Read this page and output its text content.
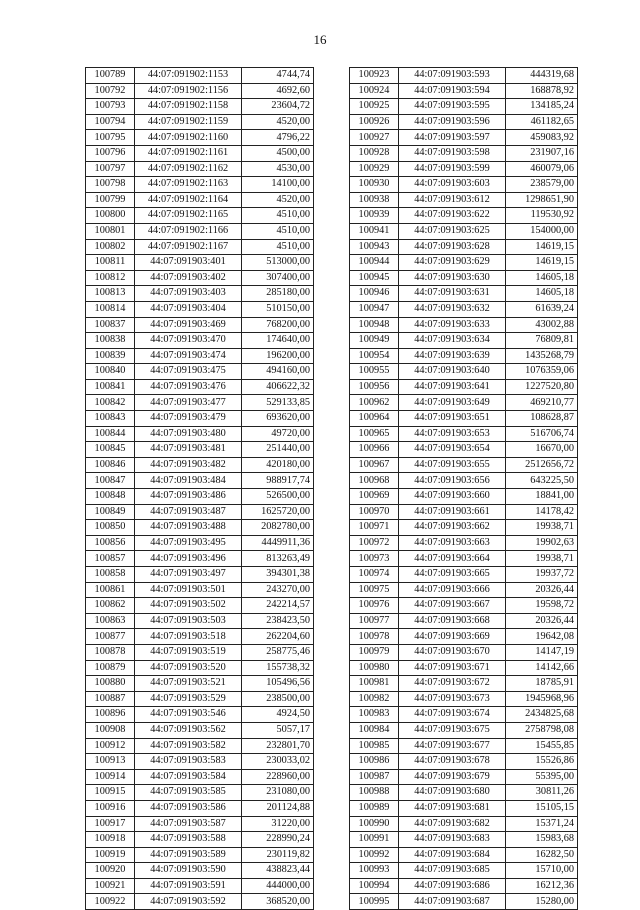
16
100789	44:07:091902:1153	4744,74
100792	44:07:091902:1156	4692,60
100793	44:07:091902:1158	23604,72
100794	44:07:091902:1159	4520,00
100795	44:07:091902:1160	4796,22
100796	44:07:091902:1161	4500,00
100797	44:07:091902:1162	4530,00
100798	44:07:091902:1163	14100,00
100799	44:07:091902:1164	4520,00
100800	44:07:091902:1165	4510,00
100801	44:07:091902:1166	4510,00
100802	44:07:091902:1167	4510,00
100811	44:07:091903:401	513000,00
100812	44:07:091903:402	307400,00
100813	44:07:091903:403	285180,00
100814	44:07:091903:404	510150,00
100837	44:07:091903:469	768200,00
100838	44:07:091903:470	174640,00
100839	44:07:091903:474	196200,00
100840	44:07:091903:475	494160,00
100841	44:07:091903:476	406622,32
100842	44:07:091903:477	529133,85
100843	44:07:091903:479	693620,00
100844	44:07:091903:480	49720,00
100845	44:07:091903:481	251440,00
100846	44:07:091903:482	420180,00
100847	44:07:091903:484	988917,74
100848	44:07:091903:486	526500,00
100849	44:07:091903:487	1625720,00
100850	44:07:091903:488	2082780,00
100856	44:07:091903:495	4449911,36
100857	44:07:091903:496	813263,49
100858	44:07:091903:497	394301,38
100861	44:07:091903:501	243270,00
100862	44:07:091903:502	242214,57
100863	44:07:091903:503	238423,50
100877	44:07:091903:518	262204,60
100878	44:07:091903:519	258775,46
100879	44:07:091903:520	155738,32
100880	44:07:091903:521	105496,56
100887	44:07:091903:529	238500,00
100896	44:07:091903:546	4924,50
100908	44:07:091903:562	5057,17
100912	44:07:091903:582	232801,70
100913	44:07:091903:583	230033,02
100914	44:07:091903:584	228960,00
100915	44:07:091903:585	231080,00
100916	44:07:091903:586	201124,88
100917	44:07:091903:587	31220,00
100918	44:07:091903:588	228990,24
100919	44:07:091903:589	230119,82
100920	44:07:091903:590	438823,44
100921	44:07:091903:591	444000,00
100922	44:07:091903:592	368520,00
100923	44:07:091903:593	444319,68
100924	44:07:091903:594	168878,92
100925	44:07:091903:595	134185,24
100926	44:07:091903:596	461182,65
100927	44:07:091903:597	459083,92
100928	44:07:091903:598	231907,16
100929	44:07:091903:599	460079,06
100930	44:07:091903:603	238579,00
100938	44:07:091903:612	1298651,90
100939	44:07:091903:622	119530,92
100941	44:07:091903:625	154000,00
100943	44:07:091903:628	14619,15
100944	44:07:091903:629	14619,15
100945	44:07:091903:630	14605,18
100946	44:07:091903:631	14605,18
100947	44:07:091903:632	61639,24
100948	44:07:091903:633	43002,88
100949	44:07:091903:634	76809,81
100954	44:07:091903:639	1435268,79
100955	44:07:091903:640	1076359,06
100956	44:07:091903:641	1227520,80
100962	44:07:091903:649	469210,77
100964	44:07:091903:651	108628,87
100965	44:07:091903:653	516706,74
100966	44:07:091903:654	16670,00
100967	44:07:091903:655	2512656,72
100968	44:07:091903:656	643225,50
100969	44:07:091903:660	18841,00
100970	44:07:091903:661	14178,42
100971	44:07:091903:662	19938,71
100972	44:07:091903:663	19902,63
100973	44:07:091903:664	19938,71
100974	44:07:091903:665	19937,72
100975	44:07:091903:666	20326,44
100976	44:07:091903:667	19598,72
100977	44:07:091903:668	20326,44
100978	44:07:091903:669	19642,08
100979	44:07:091903:670	14147,19
100980	44:07:091903:671	14142,66
100981	44:07:091903:672	18785,91
100982	44:07:091903:673	1945968,96
100983	44:07:091903:674	2434825,68
100984	44:07:091903:675	2758798,08
100985	44:07:091903:677	15455,85
100986	44:07:091903:678	15526,86
100987	44:07:091903:679	55395,00
100988	44:07:091903:680	30811,26
100989	44:07:091903:681	15105,15
100990	44:07:091903:682	15371,24
100991	44:07:091903:683	15983,68
100992	44:07:091903:684	16282,50
100993	44:07:091903:685	15710,00
100994	44:07:091903:686	16212,36
100995	44:07:091903:687	15280,00
